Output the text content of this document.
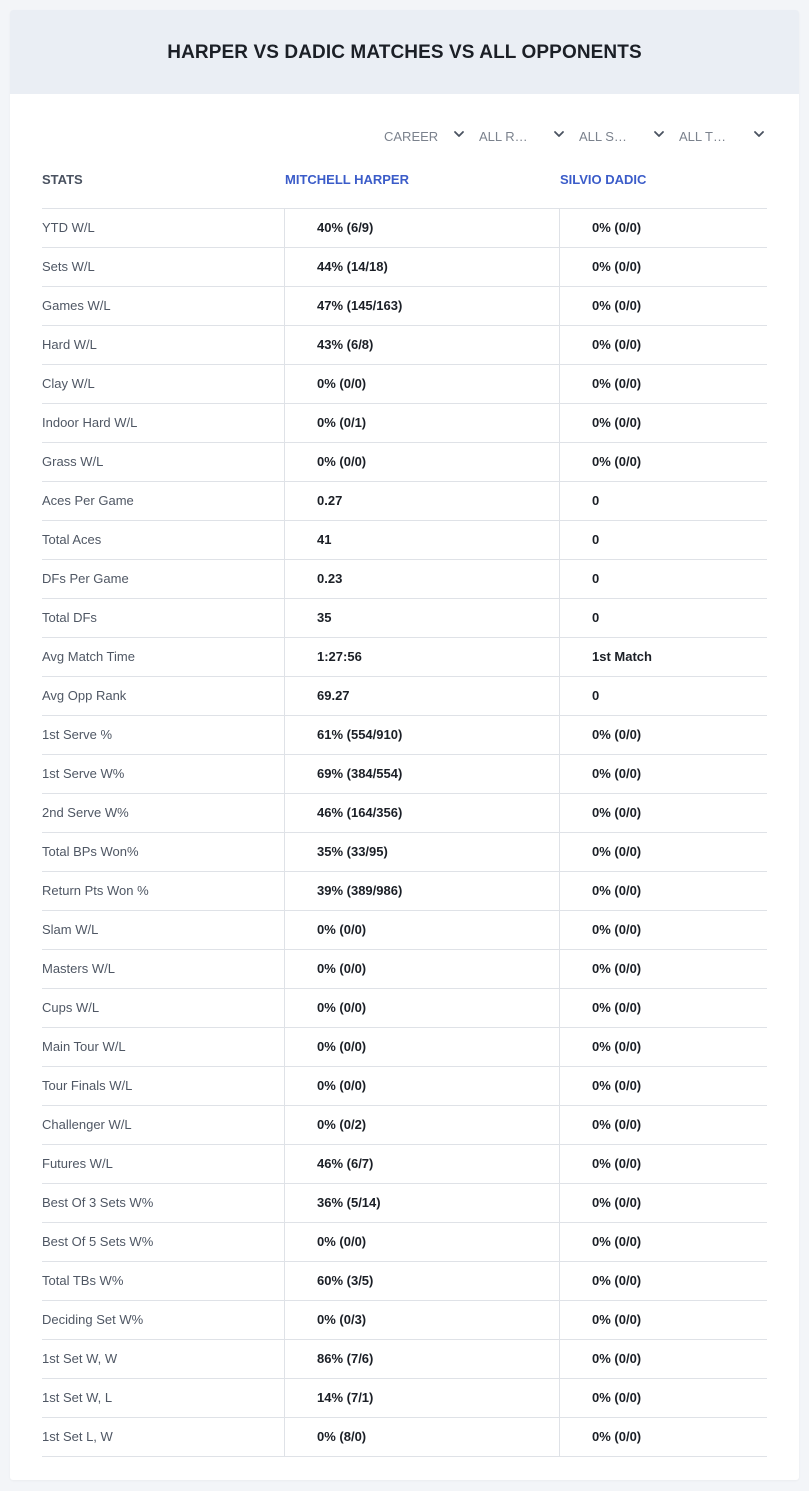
HARPER VS DADIC MATCHES VS ALL OPPONENTS
CAREER	ALL R…	ALL S…	ALL T…
STATS	MITCHELL HARPER	SILVIO DADIC
YTD W/L	40% (6/9)	0% (0/0)
Sets W/L	44% (14/18)	0% (0/0)
Games W/L	47% (145/163)	0% (0/0)
Hard W/L	43% (6/8)	0% (0/0)
Clay W/L	0% (0/0)	0% (0/0)
Indoor Hard W/L	0% (0/1)	0% (0/0)
Grass W/L	0% (0/0)	0% (0/0)
Aces Per Game	0.27	0
Total Aces	41	0
DFs Per Game	0.23	0
Total DFs	35	0
Avg Match Time	1:27:56	1st Match
Avg Opp Rank	69.27	0
1st Serve %	61% (554/910)	0% (0/0)
1st Serve W%	69% (384/554)	0% (0/0)
2nd Serve W%	46% (164/356)	0% (0/0)
Total BPs Won%	35% (33/95)	0% (0/0)
Return Pts Won %	39% (389/986)	0% (0/0)
Slam W/L	0% (0/0)	0% (0/0)
Masters W/L	0% (0/0)	0% (0/0)
Cups W/L	0% (0/0)	0% (0/0)
Main Tour W/L	0% (0/0)	0% (0/0)
Tour Finals W/L	0% (0/0)	0% (0/0)
Challenger W/L	0% (0/2)	0% (0/0)
Futures W/L	46% (6/7)	0% (0/0)
Best Of 3 Sets W%	36% (5/14)	0% (0/0)
Best Of 5 Sets W%	0% (0/0)	0% (0/0)
Total TBs W%	60% (3/5)	0% (0/0)
Deciding Set W%	0% (0/3)	0% (0/0)
1st Set W, W	86% (7/6)	0% (0/0)
1st Set W, L	14% (7/1)	0% (0/0)
1st Set L, W	0% (8/0)	0% (0/0)
